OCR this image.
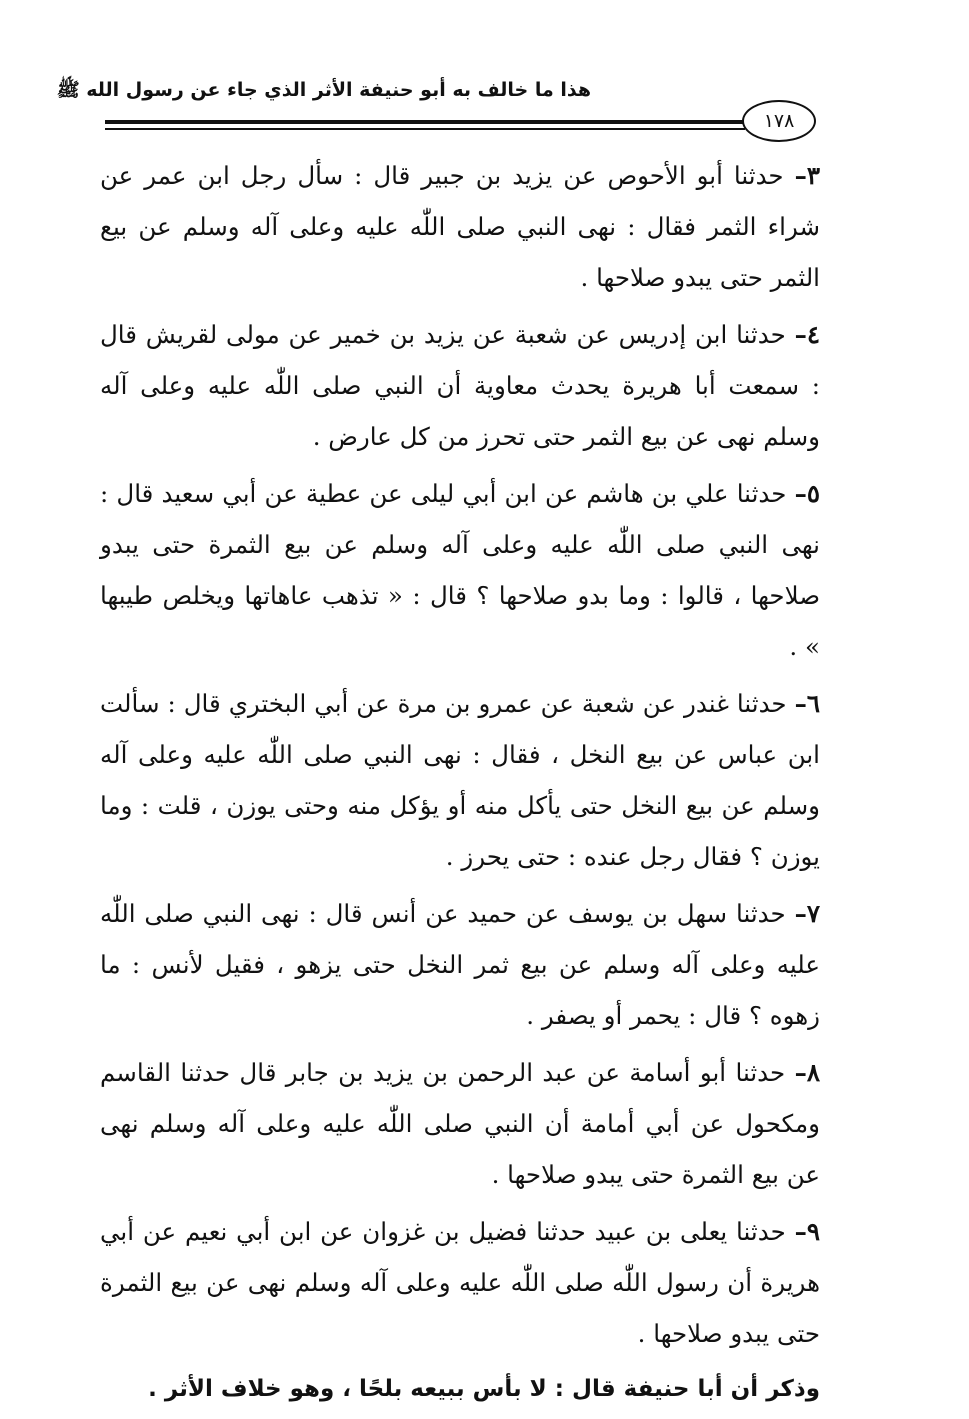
هذا ما خالف به أبو حنيفة الأثر الذي جاء عن رسول الله ﷺ
١٧٨

٣– حدثنا أبو الأحوص عن يزيد بن جبير قال : سأل رجل ابن عمر عن شراء الثمر فقال : نهى النبي صلى اللّٰه عليه وعلى آله وسلم عن بيع الثمر حتى يبدو صلاحها .

٤– حدثنا ابن إدريس عن شعبة عن يزيد بن خمير عن مولى لقريش قال : سمعت أبا هريرة يحدث معاوية أن النبي صلى اللّٰه عليه وعلى آله وسلم نهى عن بيع الثمر حتى تحرز من كل عارض .

٥– حدثنا علي بن هاشم عن ابن أبي ليلى عن عطية عن أبي سعيد قال : نهى النبي صلى اللّٰه عليه وعلى آله وسلم عن بيع الثمرة حتى يبدو صلاحها ، قالوا : وما بدو صلاحها ؟ قال : « تذهب عاهاتها ويخلص طيبها » .

٦– حدثنا غندر عن شعبة عن عمرو بن مرة عن أبي البختري قال : سألت ابن عباس عن بيع النخل ، فقال : نهى النبي صلى اللّٰه عليه وعلى آله وسلم عن بيع النخل حتى يأكل منه أو يؤكل منه وحتى يوزن ، قلت : وما يوزن ؟ فقال رجل عنده : حتى يحرز .

٧– حدثنا سهل بن يوسف عن حميد عن أنس قال : نهى النبي صلى اللّٰه عليه وعلى آله وسلم عن بيع ثمر النخل حتى يزهو ، فقيل لأنس : ما زهوه ؟ قال : يحمر أو يصفر .

٨– حدثنا أبو أسامة عن عبد الرحمن بن يزيد بن جابر قال حدثنا القاسم ومكحول عن أبي أمامة أن النبي صلى اللّٰه عليه وعلى آله وسلم نهى عن بيع الثمرة حتى يبدو صلاحها .

٩– حدثنا يعلى بن عبيد حدثنا فضيل بن غزوان عن ابن أبي نعيم عن أبي هريرة أن رسول اللّٰه صلى اللّٰه عليه وعلى آله وسلم نهى عن بيع الثمرة حتى يبدو صلاحها .

وذكر أن أبا حنيفة قال : لا بأس ببيعه بلحًا ، وهو خلاف الأثر .
